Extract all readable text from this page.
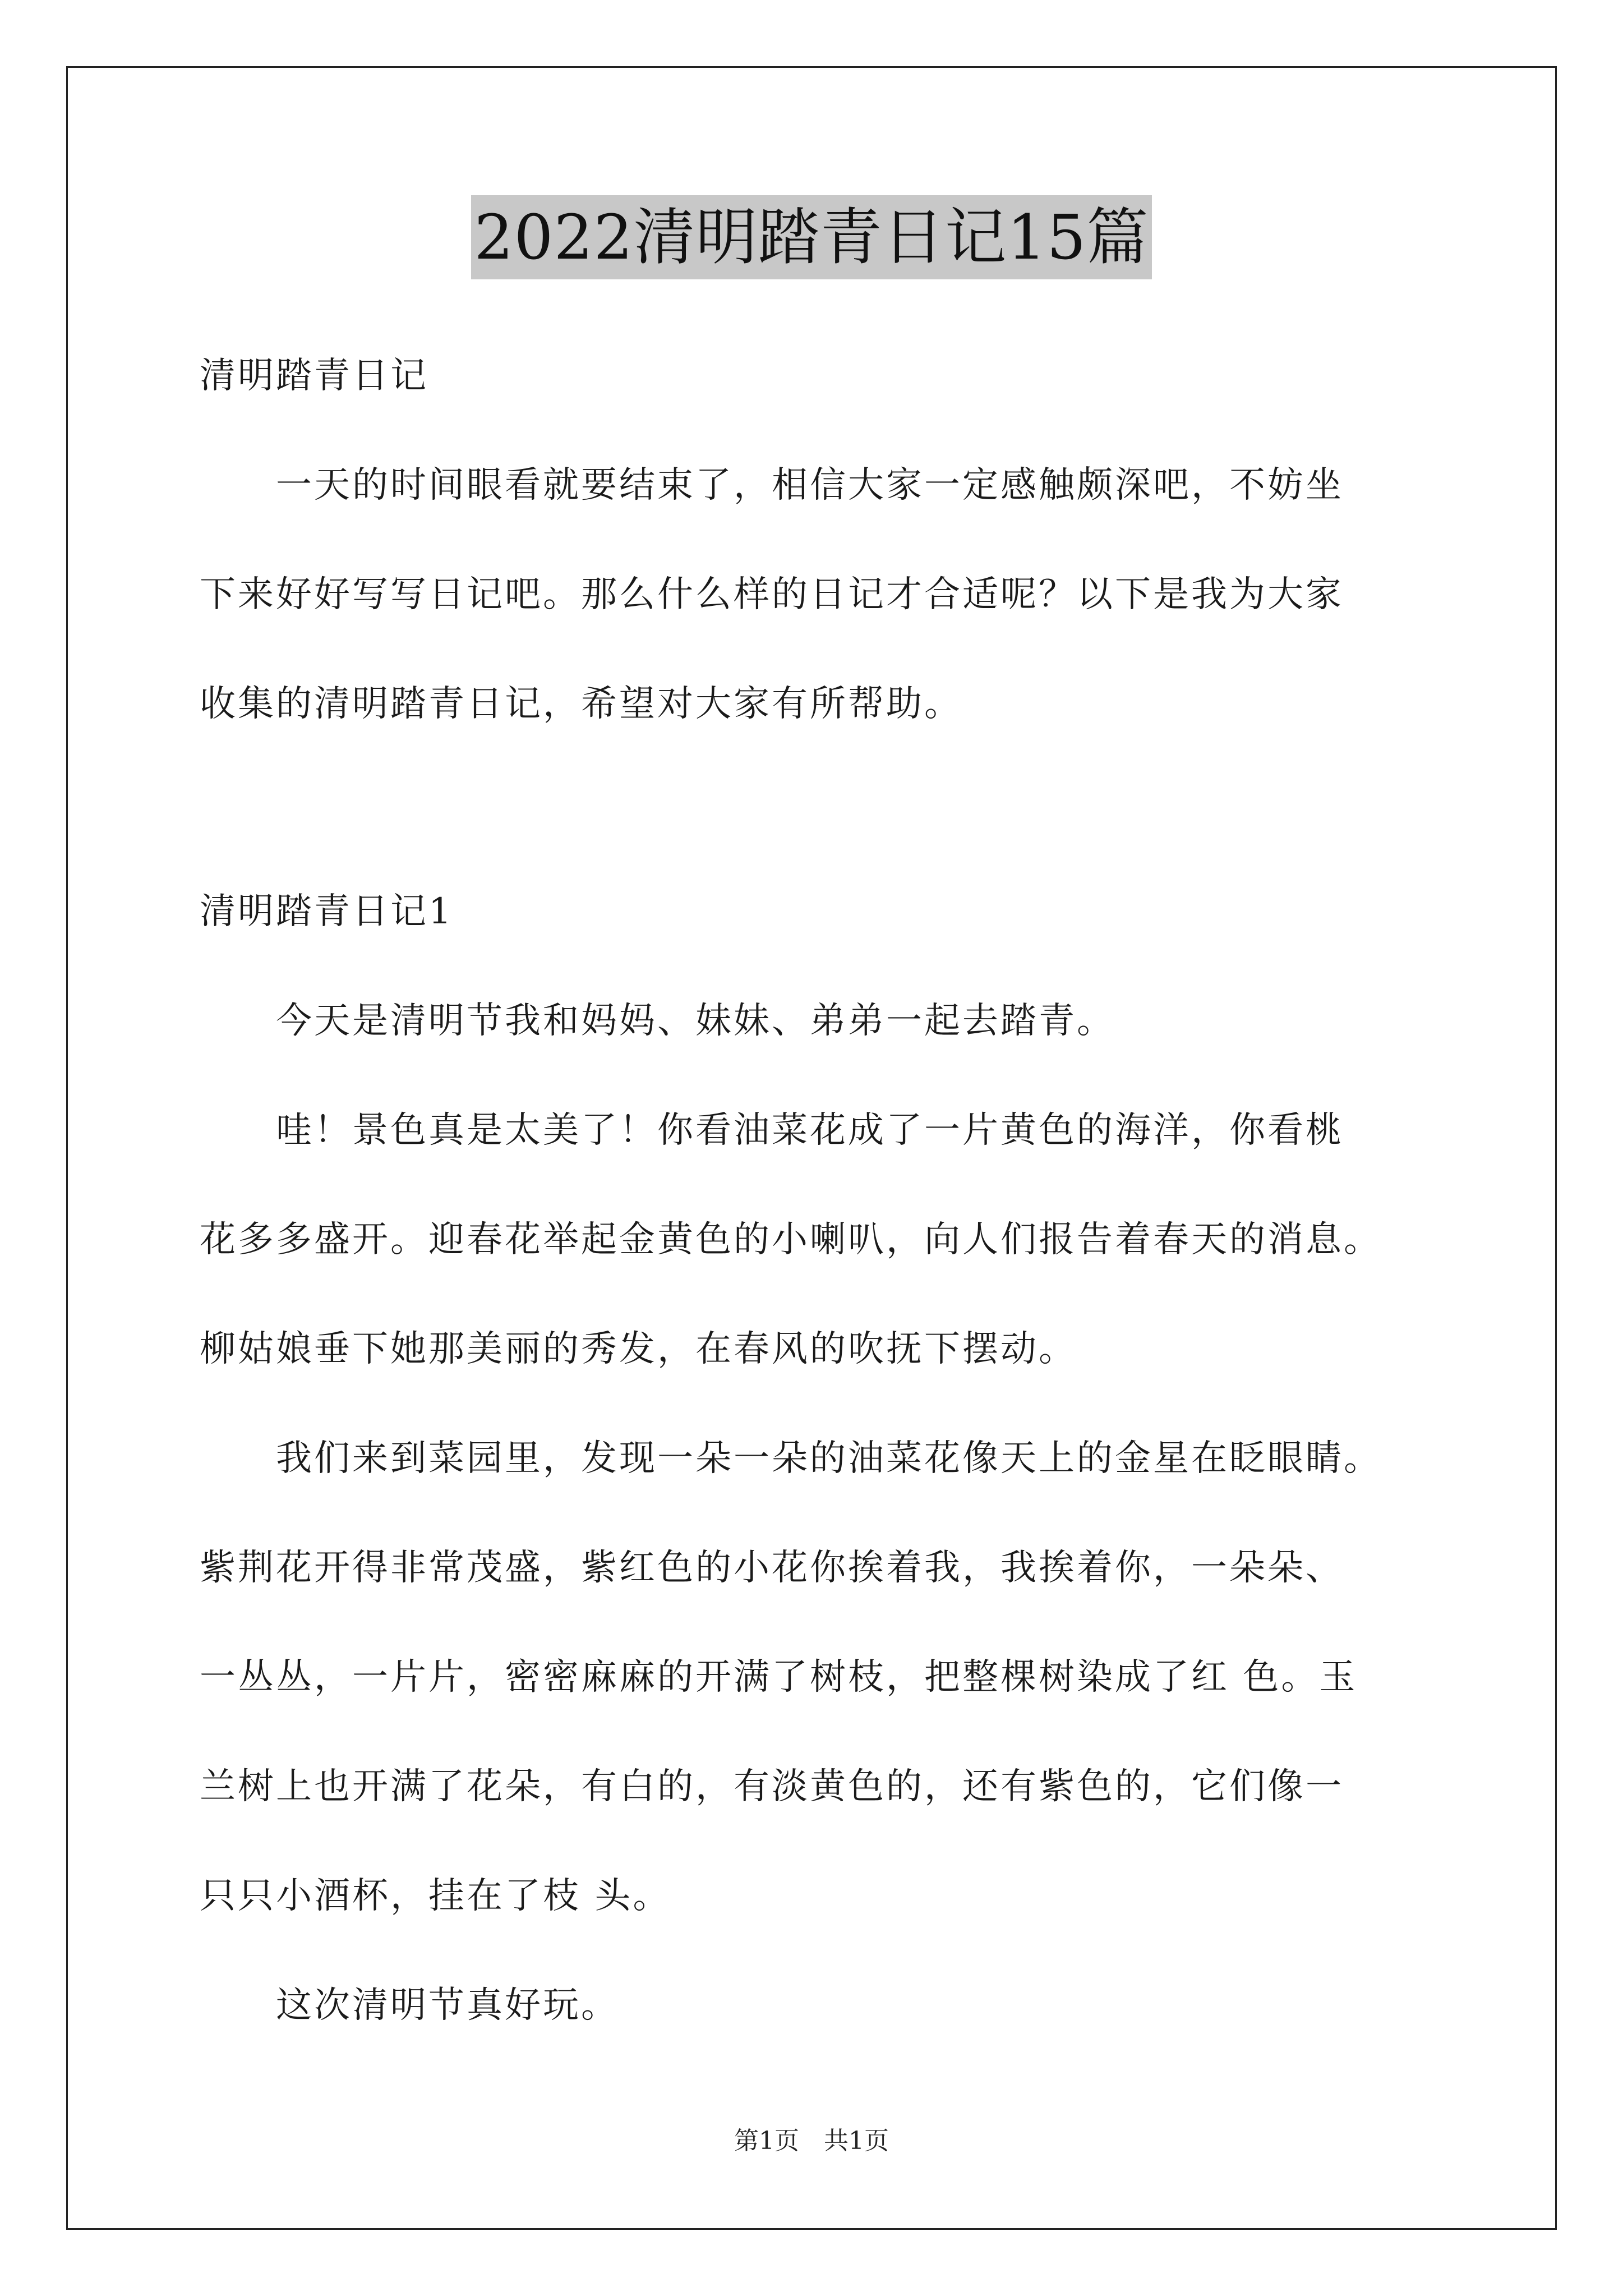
2022清明踏青日记15篇
清明踏青日记
　　一天的时间眼看就要结束了，相信大家一定感触颇深吧，不妨坐
下来好好写写日记吧。那么什么样的日记才合适呢？以下是我为大家
收集的清明踏青日记，希望对大家有所帮助。
清明踏青日记1
　　今天是清明节我和妈妈、妹妹、弟弟一起去踏青。
　　哇！景色真是太美了！你看油菜花成了一片黄色的海洋，你看桃
花多多盛开。迎春花举起金黄色的小喇叭，向人们报告着春天的消息。
柳姑娘垂下她那美丽的秀发，在春风的吹抚下摆动。
　　我们来到菜园里，发现一朵一朵的油菜花像天上的金星在眨眼睛。
紫荆花开得非常茂盛，紫红色的小花你挨着我，我挨着你，一朵朵、
一丛丛，一片片，密密麻麻的开满了树枝，把整棵树染成了红 色。玉
兰树上也开满了花朵，有白的，有淡黄色的，还有紫色的，它们像一
只只小酒杯，挂在了枝 头。
　　这次清明节真好玩。
第1页　共1页
